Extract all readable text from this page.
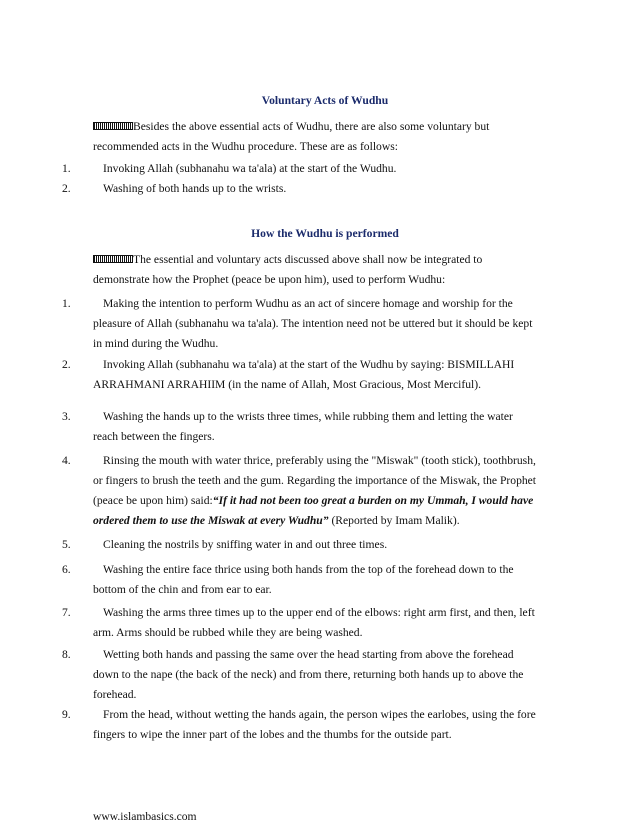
Voluntary Acts of Wudhu
Besides the above essential acts of Wudhu, there are also some voluntary but recommended acts in the Wudhu procedure. These are as follows:
1.	Invoking Allah (subhanahu wa ta'ala) at the start of the Wudhu.
2.	Washing of both hands up to the wrists.
How the Wudhu is performed
The essential and voluntary acts discussed above shall now be integrated to demonstrate how the Prophet (peace be upon him), used to perform Wudhu:
1.	Making the intention to perform Wudhu as an act of sincere homage and worship for the pleasure of Allah (subhanahu wa ta'ala). The intention need not be uttered but it should be kept in mind during the Wudhu.
2.	Invoking Allah (subhanahu wa ta'ala) at the start of the Wudhu by saying: BISMILLAHI ARRAHMANI ARRAHIIM (in the name of Allah, Most Gracious, Most Merciful).
3.	Washing the hands up to the wrists three times, while rubbing them and letting the water reach between the fingers.
4.	Rinsing the mouth with water thrice, preferably using the "Miswak" (tooth stick), toothbrush, or fingers to brush the teeth and the gum. Regarding the importance of the Miswak, the Prophet (peace be upon him) said:“If it had not been too great a burden on my Ummah, I would have ordered them to use the Miswak at every Wudhu” (Reported by Imam Malik).
5.	Cleaning the nostrils by sniffing water in and out three times.
6.	Washing the entire face thrice using both hands from the top of the forehead down to the bottom of the chin and from ear to ear.
7.	Washing the arms three times up to the upper end of the elbows: right arm first, and then, left arm. Arms should be rubbed while they are being washed.
8.	Wetting both hands and passing the same over the head starting from above the forehead down to the nape (the back of the neck) and from there, returning both hands up to above the forehead.
9.	From the head, without wetting the hands again, the person wipes the earlobes, using the fore fingers to wipe the inner part of the lobes and the thumbs for the outside part.
www.islambasics.com
